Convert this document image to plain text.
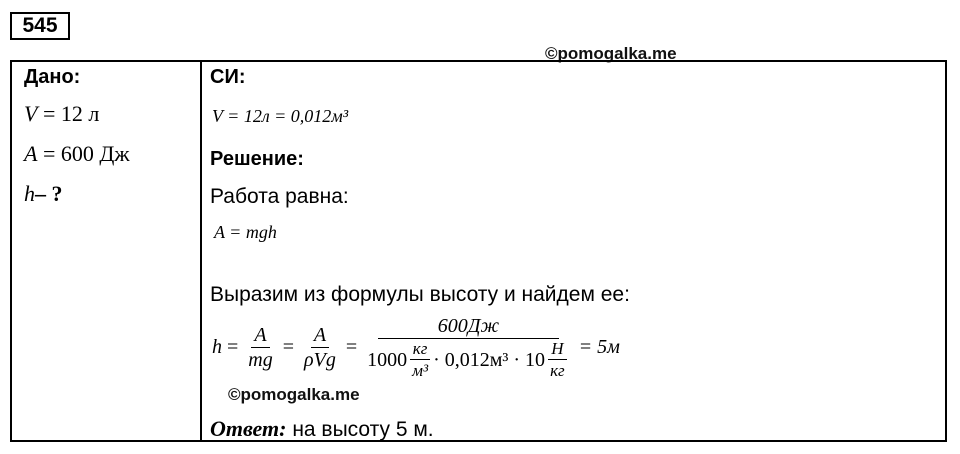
545
©pomogalka.me
Дано:
V = 12 л
A = 600 Дж
h– ?
СИ:
V = 12л = 0,012м³
Решение:
Работа равна:
A = mgh
Выразим из формулы высоту и найдем ее:
$h = \frac{A}{mg} = \frac{A}{\text{ρVg}}$ =
600Дж
$1000 \frac{кг}{\text{м³}} \cdot 0,012м^3 \cdot 10 \frac{Н}{кг} = 5м$
©pomogalka.me
Ответ: на высоту 5 м.
